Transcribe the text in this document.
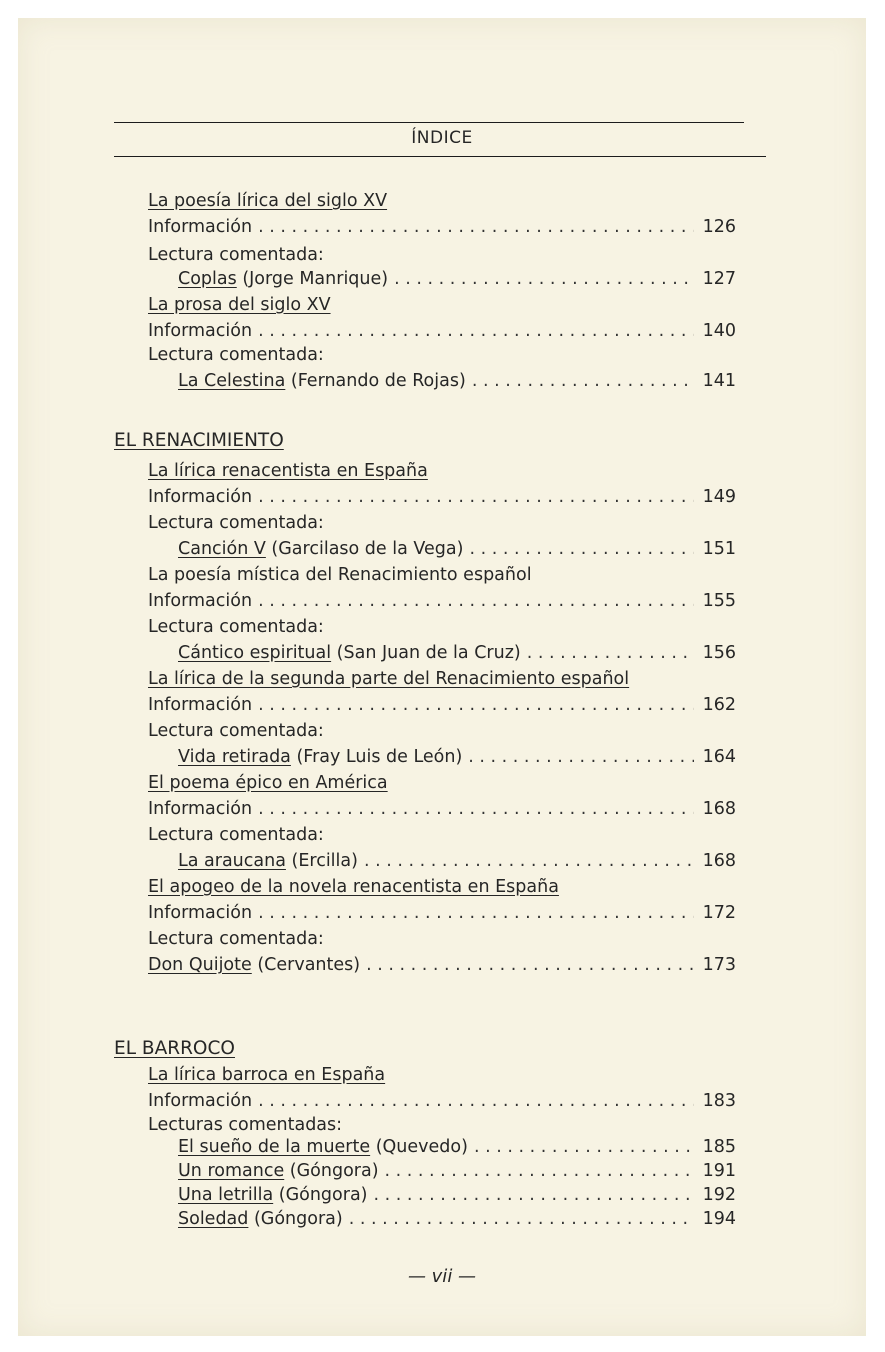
ÍNDICE
La poesía lírica del siglo XV
Información . . .	126
Lectura comentada:
Coplas (Jorge Manrique) . . .	127
La prosa del siglo XV
Información . . .	140
Lectura comentada:
La Celestina (Fernando de Rojas) . . .	141
EL RENACIMIENTO
La lírica renacentista en España
Información . . .	149
Lectura comentada:
Canción V (Garcilaso de la Vega) . . .	151
La poesía mística del Renacimiento español
Información . . .	155
Lectura comentada:
Cántico espiritual (San Juan de la Cruz) . . .	156
La lírica de la segunda parte del Renacimiento español
Información . . .	162
Lectura comentada:
Vida retirada (Fray Luis de León) . . .	164
El poema épico en América
Información . . .	168
Lectura comentada:
La araucana (Ercilla) . . .	168
El apogeo de la novela renacentista en España
Información . . .	172
Lectura comentada:
Don Quijote (Cervantes) . . .	173
EL BARROCO
La lírica barroca en España
Información . . .	183
Lecturas comentadas:
El sueño de la muerte (Quevedo) . . .	185
Un romance (Góngora) . . .	191
Una letrilla (Góngora) . . .	192
Soledad (Góngora) . . .	194
— vii —
